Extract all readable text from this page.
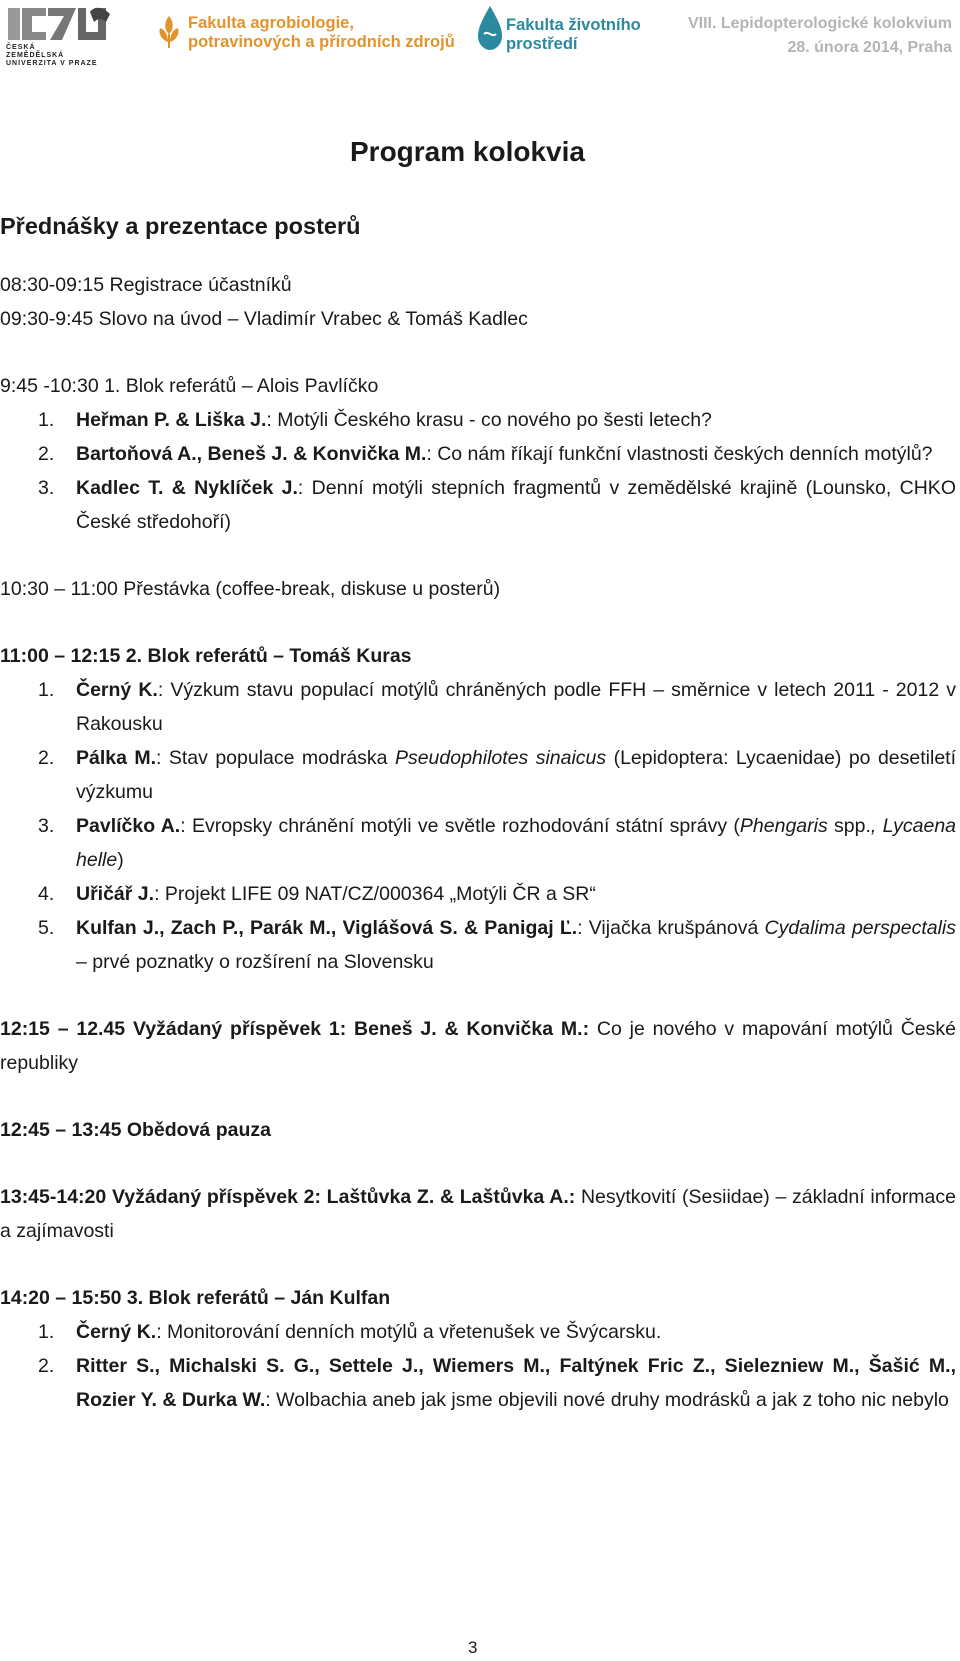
ČESKÁ
ZEMĚDĚLSKÁ
UNIVERZITA V PRAZE
Fakulta agrobiologie,
potravinových a přírodních zdrojů
Fakulta životního
prostředí
VIII. Lepidopterologické kolokvium
28. února 2014, Praha
Program kolokvia
Přednášky a prezentace posterů
08:30-09:15 Registrace účastníků
09:30-9:45 Slovo na úvod – Vladimír Vrabec & Tomáš Kadlec
9:45 -10:30 1. Blok referátů – Alois Pavlíčko
1.	Heřman P. & Liška J.: Motýli Českého krasu - co nového po šesti letech?
2.	Bartoňová A., Beneš J. & Konvička M.: Co nám říkají funkční vlastnosti českých denních motýlů?
3.	Kadlec T. & Nyklíček J.: Denní motýli stepních fragmentů v zemědělské krajině (Lounsko, CHKO České středohoří)
10:30 – 11:00 Přestávka (coffee-break, diskuse u posterů)
11:00 – 12:15 2. Blok referátů – Tomáš Kuras
1.	Černý K.: Výzkum stavu populací motýlů chráněných podle FFH – směrnice v letech 2011 - 2012 v Rakousku
2.	Pálka M.: Stav populace modráska Pseudophilotes sinaicus (Lepidoptera: Lycaenidae) po desetiletí výzkumu
3.	Pavlíčko A.: Evropsky chránění motýli ve světle rozhodování státní správy (Phengaris spp., Lycaena helle)
4.	Uřičář J.: Projekt LIFE 09 NAT/CZ/000364 „Motýli ČR a SR“
5.	Kulfan J., Zach P., Parák M., Viglášová S. & Panigaj Ľ.: Vijačka krušpánová Cydalima perspectalis – prvé poznatky o rozšírení na Slovensku
12:15 – 12.45 Vyžádaný příspěvek 1: Beneš J. & Konvička M.: Co je nového v mapování motýlů České republiky
12:45 – 13:45 Obědová pauza
13:45-14:20 Vyžádaný příspěvek 2: Laštůvka Z. & Laštůvka A.: Nesytkovití (Sesiidae) – základní informace a zajímavosti
14:20 – 15:50 3. Blok referátů – Ján Kulfan
1.	Černý K.: Monitorování denních motýlů a vřetenušek ve Švýcarsku.
2.	Ritter S., Michalski S. G., Settele J., Wiemers M., Faltýnek Fric Z., Sielezniew M., Šašić M., Rozier Y. & Durka W.: Wolbachia aneb jak jsme objevili nové druhy modrásků a jak z toho nic nebylo
3
